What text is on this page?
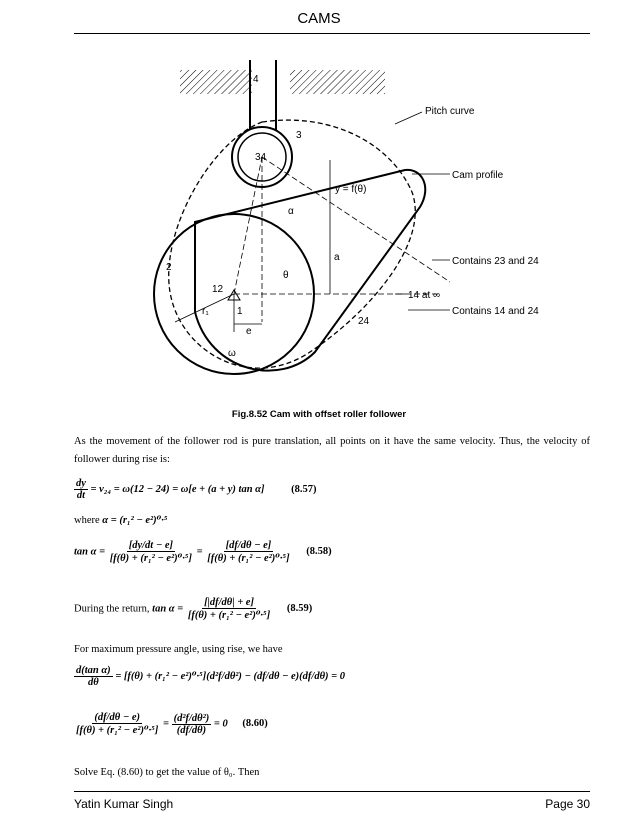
CAMS
4
3
34
Pitch curve
Cam profile
y = f(θ)
α
θ
a	Contains 23 and 24
14 at ∞
Contains 14 and 24
2
12
r₁	1
e
24
ω
Fig.8.52 Cam with offset roller follower
As the movement of the follower rod is pure translation, all points on it have the same velocity. Thus, the velocity of follower during rise is:
$\frac{dy}{dt} = v_{24} = \omega(12 - 24) = \omega[e + (a + y)$ tan α]	(8.57)
where α = (r₁² − e²)⁰·⁵
$\tan \alpha = \frac{[dy/dt - e]}{\text{[f(θ) + (r₁² − e²)⁰·⁵]}} = \frac{[df/d\theta - e]}{\text{[f(θ) + (r₁² − e²)⁰·⁵]}} (8.58)$
During the return, $\tan \alpha = \frac{[|df/d\theta| + e]}{\text{[f(θ) + (r₁² − e²)⁰·⁵]}} (8.59)$
For maximum pressure angle, using rise, we have
$\frac{\text{d(tan α)}}{d\theta} = [f(\theta) + (r_1^2 - e^2)^0\cdot^5](d^2f/d\theta^2) - (df/d\theta - e)(df/d\theta) = 0$
$\frac{(df/d\theta - e)}{\text{[f(θ) + (r₁² − e²)⁰·⁵]}} = \frac{\text{(d²f/dθ²)}}{(df/d\theta)} = 0$ (8.60)
Solve Eq. (8.60) to get the value of θ₀. Then
Yatin Kumar Singh	Page 30
